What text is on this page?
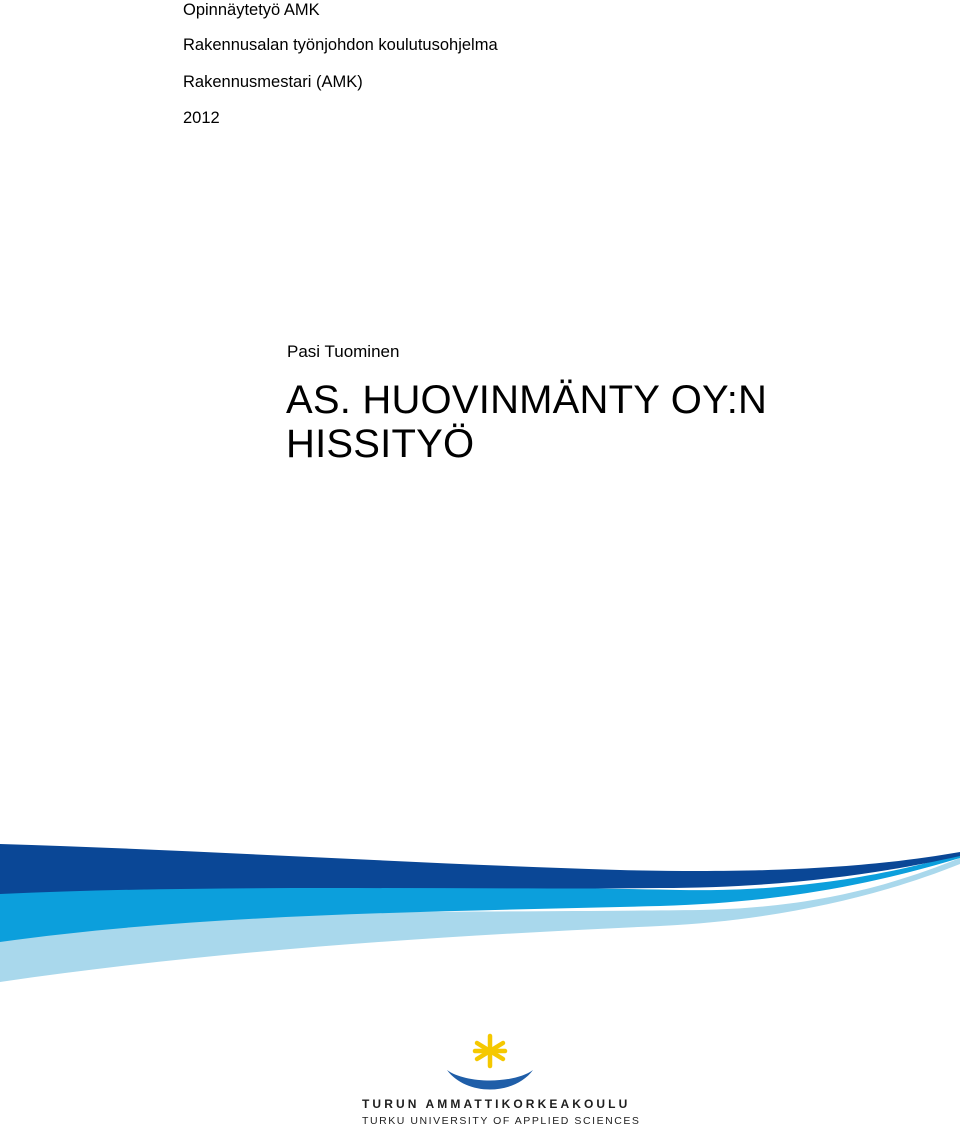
Opinnäytetyö AMK
Rakennusalan työnjohdon koulutusohjelma
Rakennusmestari (AMK)
2012
Pasi Tuominen
AS. HUOVINMÄNTY OY:N
HISSITYÖ
TURUN AMMATTIKORKEAKOULU
TURKU UNIVERSITY OF APPLIED SCIENCES
